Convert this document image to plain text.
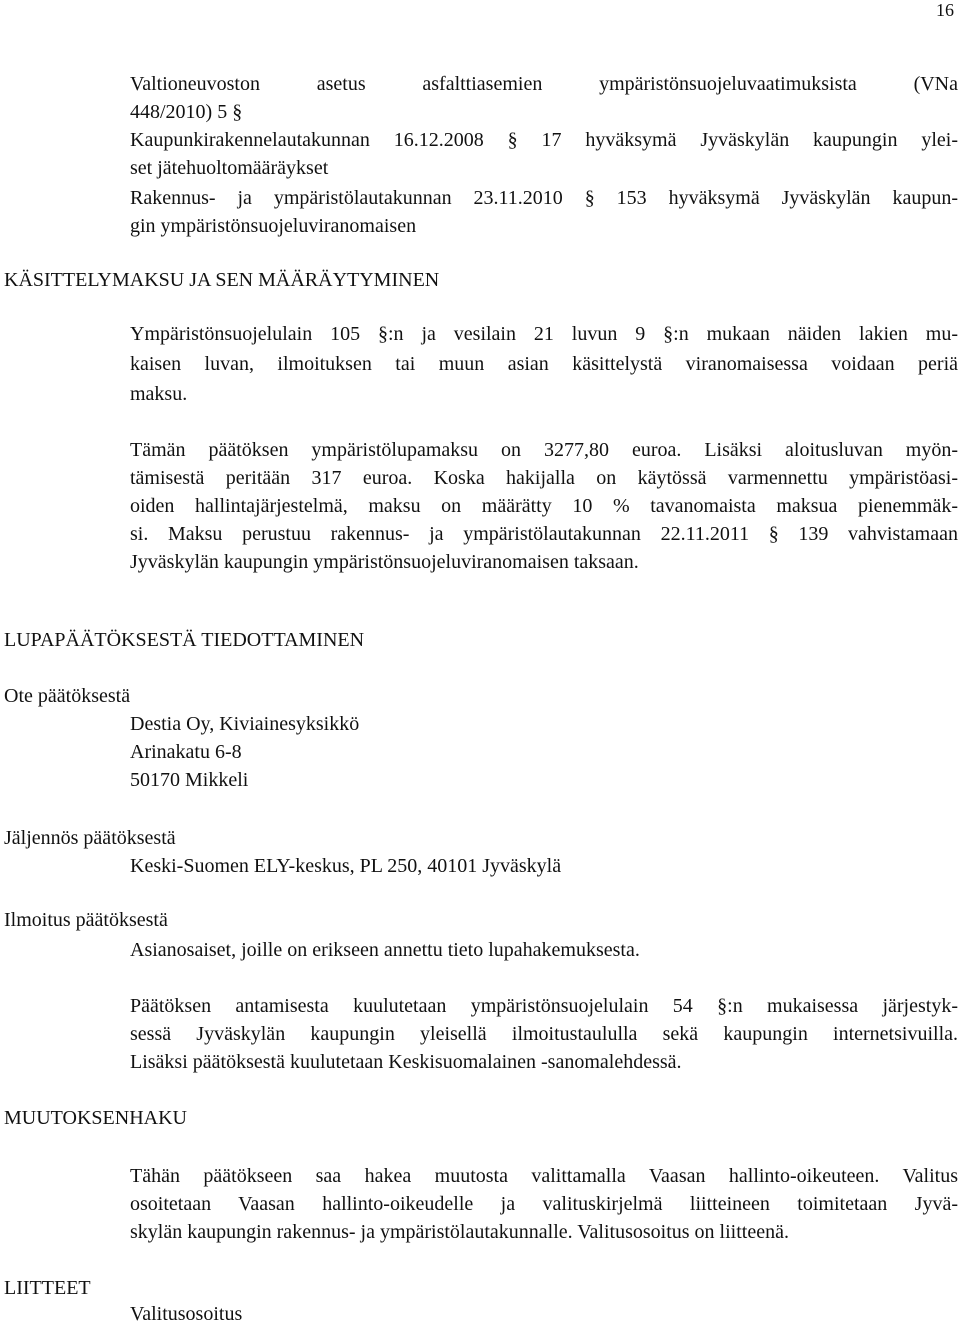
16
Valtioneuvoston asetus asfalttiasemien ympäristönsuojeluvaatimuksista (VNa
448/2010) 5 §
Kaupunkirakennelautakunnan 16.12.2008 § 17 hyväksymä Jyväskylän kaupungin ylei-
set jätehuoltomääräykset
Rakennus- ja ympäristölautakunnan 23.11.2010 § 153 hyväksymä Jyväskylän kaupun-
gin ympäristönsuojeluviranomaisen
KÄSITTELYMAKSU JA SEN MÄÄRÄYTYMINEN
Ympäristönsuojelulain 105 §:n ja vesilain 21 luvun 9 §:n mukaan näiden lakien mu-
kaisen luvan, ilmoituksen tai muun asian käsittelystä viranomaisessa voidaan periä
maksu.
Tämän päätöksen ympäristölupamaksu on 3277,80 euroa. Lisäksi aloitusluvan myön-
tämisestä peritään 317 euroa. Koska hakijalla on käytössä varmennettu ympäristöasi-
oiden hallintajärjestelmä, maksu on määrätty 10 % tavanomaista maksua pienemmäk-
si. Maksu perustuu rakennus- ja ympäristölautakunnan 22.11.2011 § 139 vahvistamaan
Jyväskylän kaupungin ympäristönsuojeluviranomaisen taksaan.
LUPAPÄÄTÖKSESTÄ TIEDOTTAMINEN
Ote päätöksestä
Destia Oy, Kiviainesyksikkö
Arinakatu 6-8
50170 Mikkeli
Jäljennös päätöksestä
Keski-Suomen ELY-keskus, PL 250, 40101 Jyväskylä
Ilmoitus päätöksestä
Asianosaiset, joille on erikseen annettu tieto lupahakemuksesta.
Päätöksen antamisesta kuulutetaan ympäristönsuojelulain 54 §:n mukaisessa järjestyk-
sessä Jyväskylän kaupungin yleisellä ilmoitustaululla sekä kaupungin internetsivuilla.
Lisäksi päätöksestä kuulutetaan Keskisuomalainen -sanomalehdessä.
MUUTOKSENHAKU
Tähän päätökseen saa hakea muutosta valittamalla Vaasan hallinto-oikeuteen. Valitus
osoitetaan Vaasan hallinto-oikeudelle ja valituskirjelmä liitteineen toimitetaan Jyvä-
skylän kaupungin rakennus- ja ympäristölautakunnalle. Valitusosoitus on liitteenä.
LIITTEET
Valitusosoitus
